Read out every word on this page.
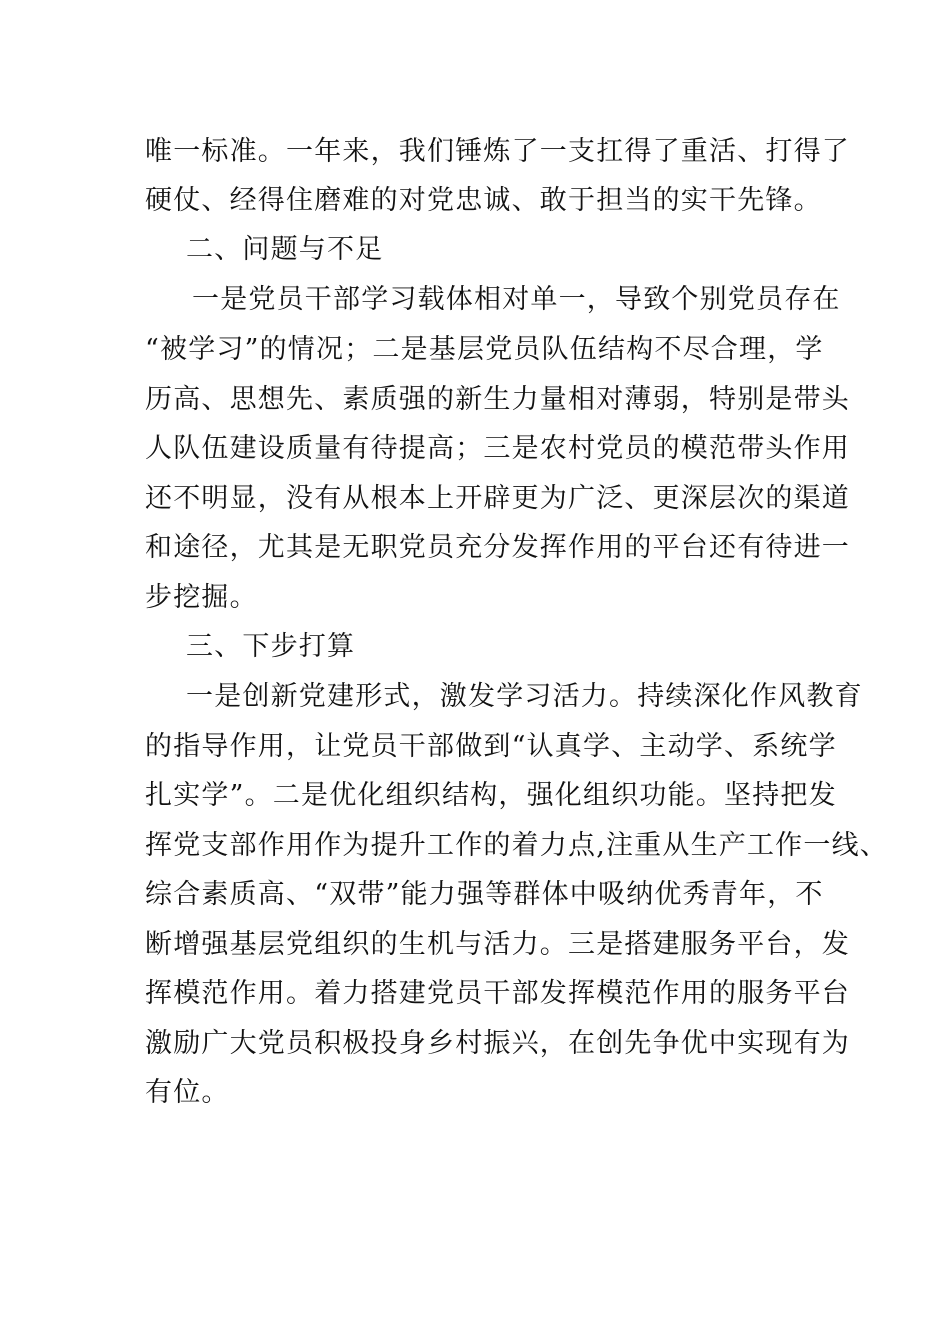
唯一标准。一年来，我们锤炼了一支扛得了重活、打得了

硬仗、经得住磨难的对党忠诚、敢于担当的实干先锋。

二、问题与不足

一是党员干部学习载体相对单一，导致个别党员存在

“被学习”的情况；二是基层党员队伍结构不尽合理，学

历高、思想先、素质强的新生力量相对薄弱，特别是带头

人队伍建设质量有待提高；三是农村党员的模范带头作用

还不明显，没有从根本上开辟更为广泛、更深层次的渠道

和途径，尤其是无职党员充分发挥作用的平台还有待进一

步挖掘。

三、下步打算

一是创新党建形式，激发学习活力。持续深化作风教育

的指导作用，让党员干部做到“认真学、主动学、系统学

扎实学”。二是优化组织结构，强化组织功能。坚持把发

挥党支部作用作为提升工作的着力点,注重从生产工作一线、

综合素质高、“双带”能力强等群体中吸纳优秀青年，不

断增强基层党组织的生机与活力。三是搭建服务平台，发

挥模范作用。着力搭建党员干部发挥模范作用的服务平台

激励广大党员积极投身乡村振兴，在创先争优中实现有为

有位。
